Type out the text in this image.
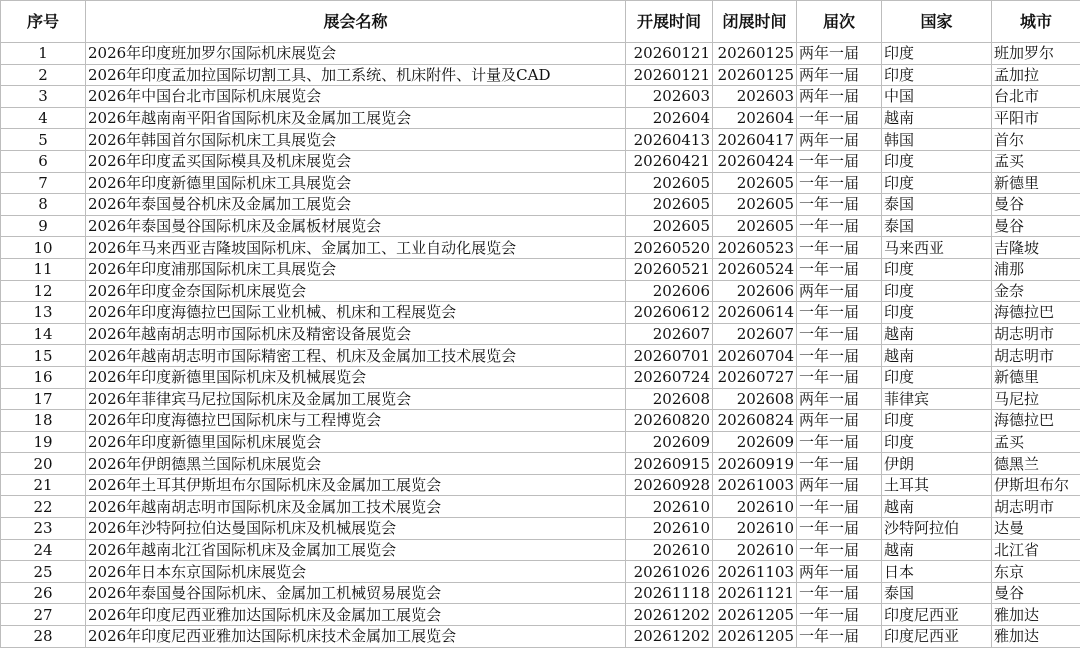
序号	展会名称	开展时间	闭展时间	届次	国家	城市
1	2026年印度班加罗尔国际机床展览会	20260121	20260125	两年一届	印度	班加罗尔
2	2026年印度孟加拉国际切割工具、加工系统、机床附件、计量及CAD	20260121	20260125	两年一届	印度	孟加拉
3	2026年中国台北市国际机床展览会	202603	202603	两年一届	中国	台北市
4	2026年越南南平阳省国际机床及金属加工展览会	202604	202604	一年一届	越南	平阳市
5	2026年韩国首尔国际机床工具展览会	20260413	20260417	两年一届	韩国	首尔
6	2026年印度孟买国际模具及机床展览会	20260421	20260424	一年一届	印度	孟买
7	2026年印度新德里国际机床工具展览会	202605	202605	一年一届	印度	新德里
8	2026年泰国曼谷机床及金属加工展览会	202605	202605	一年一届	泰国	曼谷
9	2026年泰国曼谷国际机床及金属板材展览会	202605	202605	一年一届	泰国	曼谷
10	2026年马来西亚吉隆坡国际机床、金属加工、工业自动化展览会	20260520	20260523	一年一届	马来西亚	吉隆坡
11	2026年印度浦那国际机床工具展览会	20260521	20260524	一年一届	印度	浦那
12	2026年印度金奈国际机床展览会	202606	202606	两年一届	印度	金奈
13	2026年印度海德拉巴国际工业机械、机床和工程展览会	20260612	20260614	一年一届	印度	海德拉巴
14	2026年越南胡志明市国际机床及精密设备展览会	202607	202607	一年一届	越南	胡志明市
15	2026年越南胡志明市国际精密工程、机床及金属加工技术展览会	20260701	20260704	一年一届	越南	胡志明市
16	2026年印度新德里国际机床及机械展览会	20260724	20260727	一年一届	印度	新德里
17	2026年菲律宾马尼拉国际机床及金属加工展览会	202608	202608	两年一届	菲律宾	马尼拉
18	2026年印度海德拉巴国际机床与工程博览会	20260820	20260824	两年一届	印度	海德拉巴
19	2026年印度新德里国际机床展览会	202609	202609	一年一届	印度	孟买
20	2026年伊朗德黑兰国际机床展览会	20260915	20260919	一年一届	伊朗	德黑兰
21	2026年土耳其伊斯坦布尔国际机床及金属加工展览会	20260928	20261003	两年一届	土耳其	伊斯坦布尔
22	2026年越南胡志明市国际机床及金属加工技术展览会	202610	202610	一年一届	越南	胡志明市
23	2026年沙特阿拉伯达曼国际机床及机械展览会	202610	202610	一年一届	沙特阿拉伯	达曼
24	2026年越南北江省国际机床及金属加工展览会	202610	202610	一年一届	越南	北江省
25	2026年日本东京国际机床展览会	20261026	20261103	两年一届	日本	东京
26	2026年泰国曼谷国际机床、金属加工机械贸易展览会	20261118	20261121	一年一届	泰国	曼谷
27	2026年印度尼西亚雅加达国际机床及金属加工展览会	20261202	20261205	一年一届	印度尼西亚	雅加达
28	2026年印度尼西亚雅加达国际机床技术金属加工展览会	20261202	20261205	一年一届	印度尼西亚	雅加达
